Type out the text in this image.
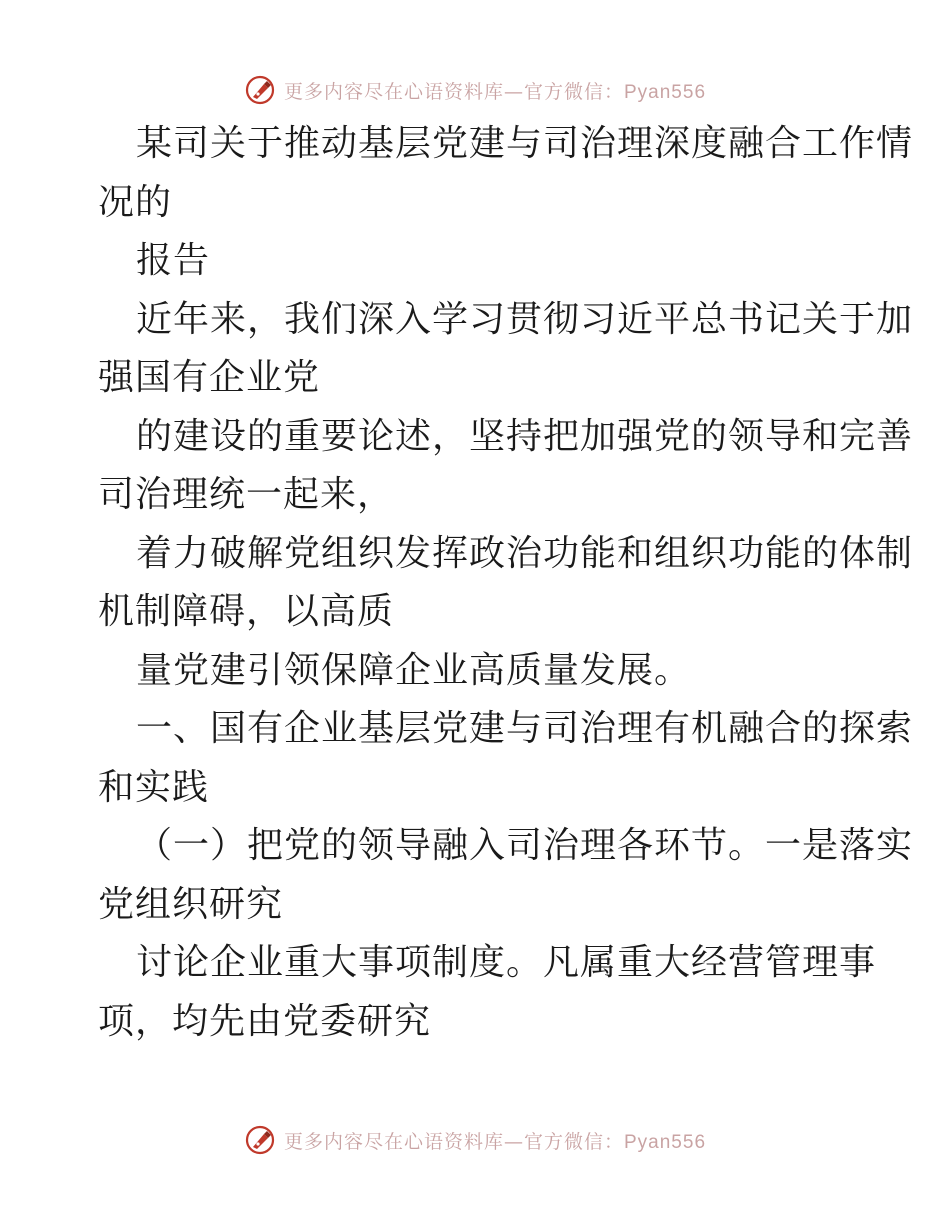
更多内容尽在心语资料库—官方微信：Pyan556
某司关于推动基层党建与司治理深度融合工作情
况的
报告
近年来，我们深入学习贯彻习近平总书记关于加
强国有企业党
的建设的重要论述，坚持把加强党的领导和完善
司治理统一起来，
着力破解党组织发挥政治功能和组织功能的体制
机制障碍，以高质
量党建引领保障企业高质量发展。
一、国有企业基层党建与司治理有机融合的探索
和实践
（一）把党的领导融入司治理各环节。一是落实
党组织研究
讨论企业重大事项制度。凡属重大经营管理事
项，均先由党委研究
更多内容尽在心语资料库—官方微信：Pyan556
